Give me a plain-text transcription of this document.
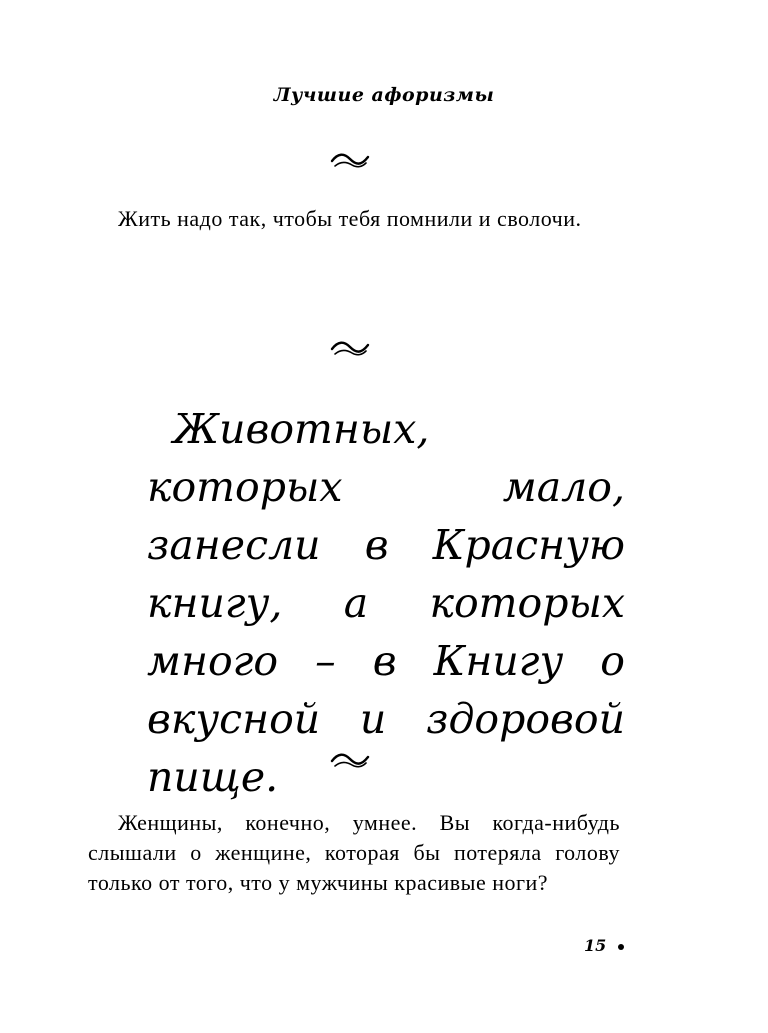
Лучшие афоризмы

Жить надо так, чтобы тебя помнили и сволочи.

Животных, которых мало, занесли в Красную книгу, а которых много – в Книгу о вкусной и здоровой пище.

Женщины, конечно, умнее. Вы когда-нибудь слышали о женщине, которая бы потеряла голову только от того, что у мужчины красивые ноги?

15
